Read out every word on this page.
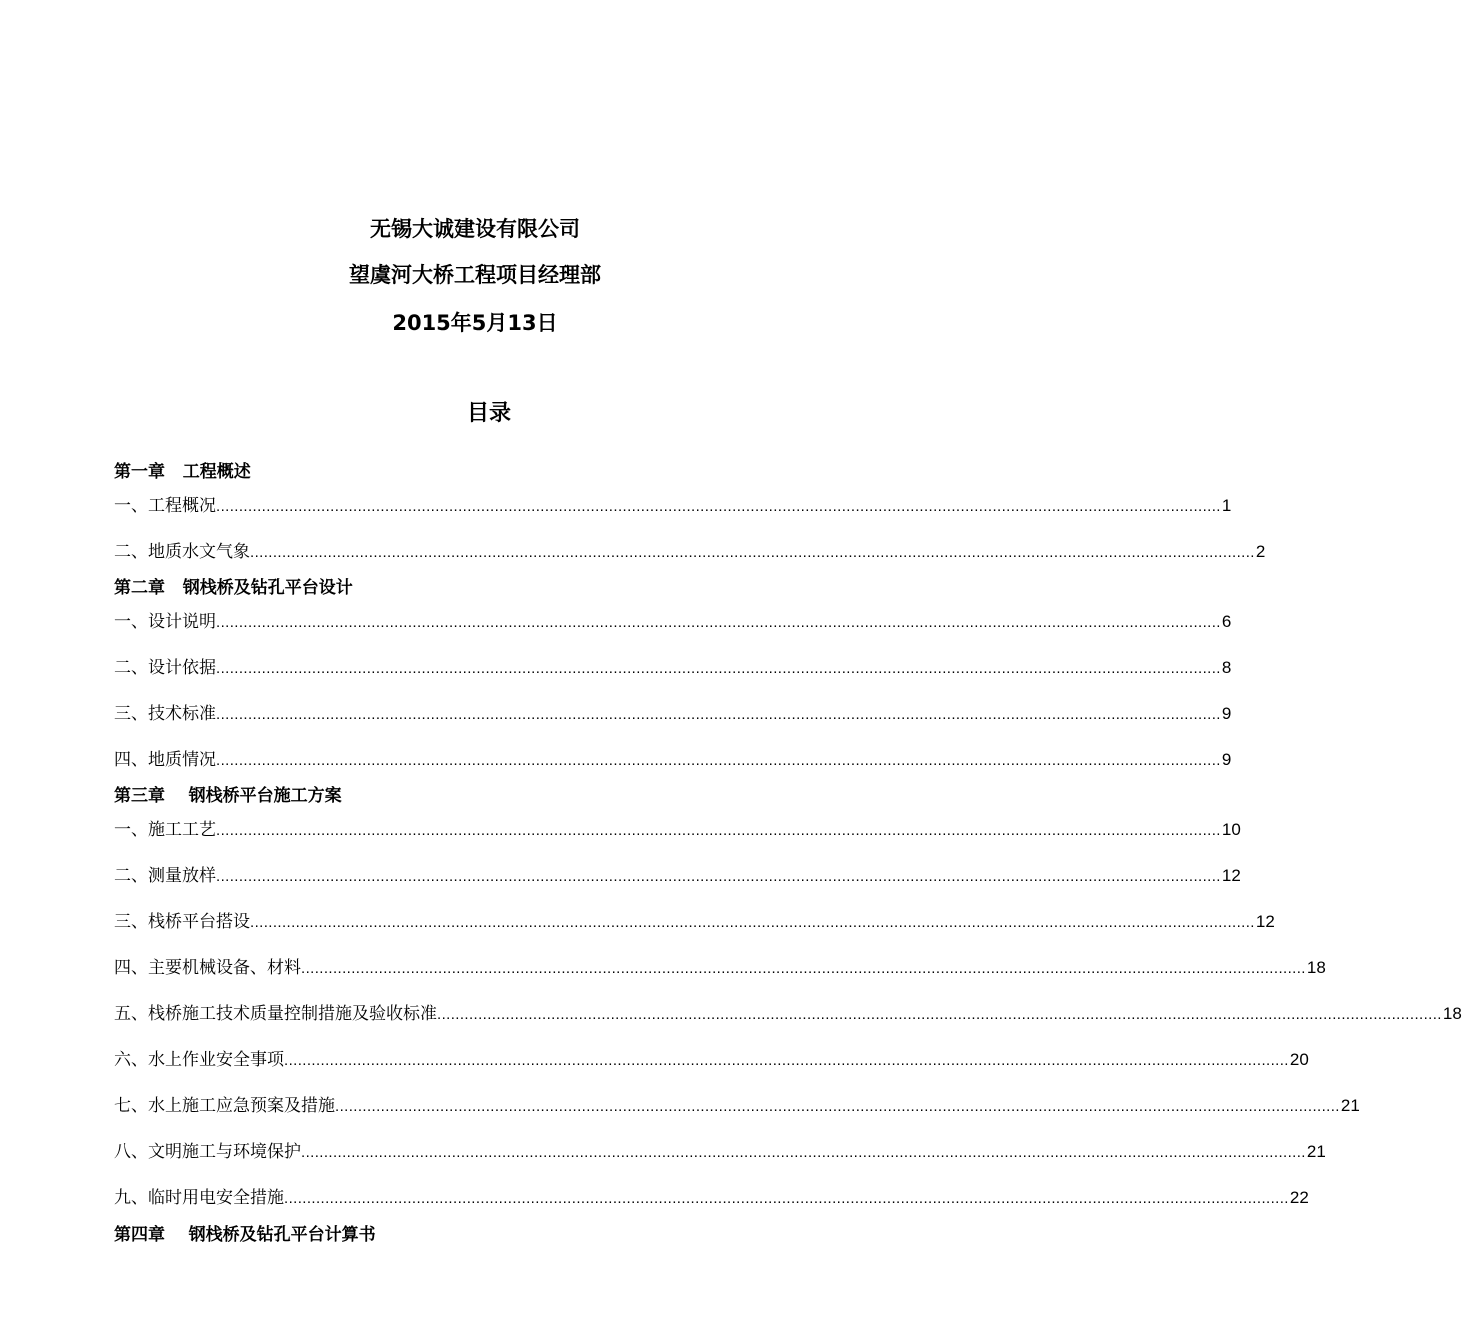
无锡大诚建设有限公司

望虞河大桥工程项目经理部

2015年5月13日

目录

第一章   工程概述

一、工程概况 ............................................................................................................................................................................................................................ 1
二、地质水文气象 ............................................................................................................................................................................................................................ 2

第二章   钢栈桥及钻孔平台设计

一、设计说明 ............................................................................................................................................................................................................................ 6
二、设计依据 ............................................................................................................................................................................................................................ 8
三、技术标准 ............................................................................................................................................................................................................................ 9
四、地质情况 ............................................................................................................................................................................................................................ 9

第三章    钢栈桥平台施工方案

一、施工工艺 ............................................................................................................................................................................................................................ 10
二、测量放样 ............................................................................................................................................................................................................................ 12
三、栈桥平台搭设 ............................................................................................................................................................................................................................ 12
四、主要机械设备、材料 ............................................................................................................................................................................................................................ 18
五、栈桥施工技术质量控制措施及验收标准 ............................................................................................................................................................................................................................ 18
六、水上作业安全事项 ............................................................................................................................................................................................................................ 20
七、水上施工应急预案及措施 ............................................................................................................................................................................................................................ 21
八、文明施工与环境保护 ............................................................................................................................................................................................................................ 21
九、临时用电安全措施 ............................................................................................................................................................................................................................ 22

第四章    钢栈桥及钻孔平台计算书
